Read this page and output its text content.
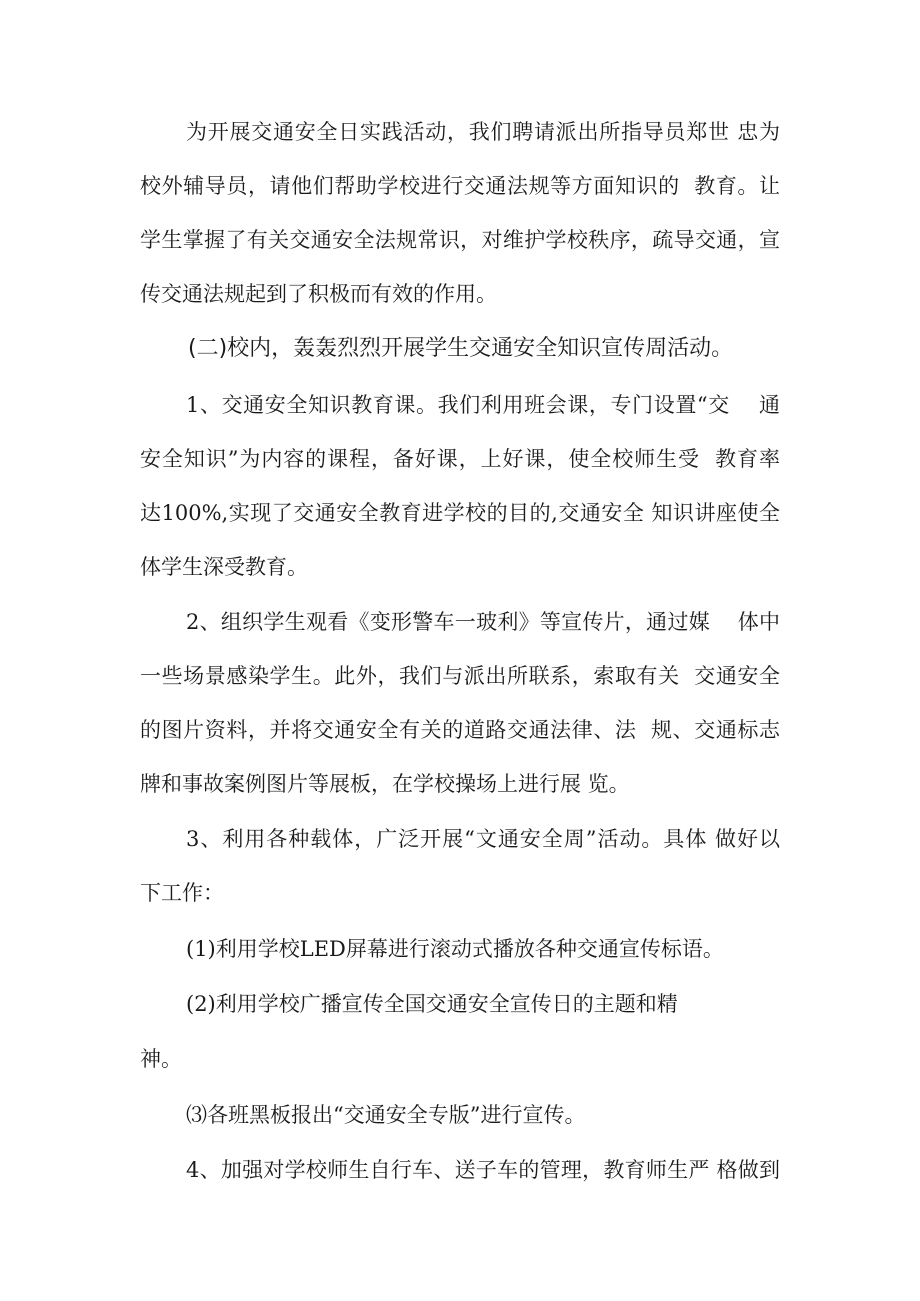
为开展交通安全日实践活动，我们聘请派出所指导员郑世 忠为

校外辅导员，请他们帮助学校进行交通法规等方面知识的  教育。让

学生掌握了有关交通安全法规常识，对维护学校秩序，疏导交通，宣

传交通法规起到了积极而有效的作用。

(二)校内，轰轰烈烈开展学生交通安全知识宣传周活动。

1、交通安全知识教育课。我们利用班会课，专门设置“交    通

安全知识”为内容的课程，备好课，上好课，使全校师生受  教育率

达100%,实现了交通安全教育进学校的目的,交通安全 知识讲座使全

体学生深受教育。

2、组织学生观看《变形警车一玻利》等宣传片，通过媒    体中

一些场景感染学生。此外，我们与派出所联系，索取有关  交通安全

的图片资料，并将交通安全有关的道路交通法律、法  规、交通标志

牌和事故案例图片等展板，在学校操场上进行展 览。

3、利用各种载体，广泛开展“文通安全周”活动。具体 做好以

下工作：

(1)利用学校LED屏幕进行滚动式播放各种交通宣传标语。

(2)利用学校广播宣传全国交通安全宣传日的主题和精

神。

⑶各班黑板报出“交通安全专版”进行宣传。

4、加强对学校师生自行车、送子车的管理，教育师生严 格做到
